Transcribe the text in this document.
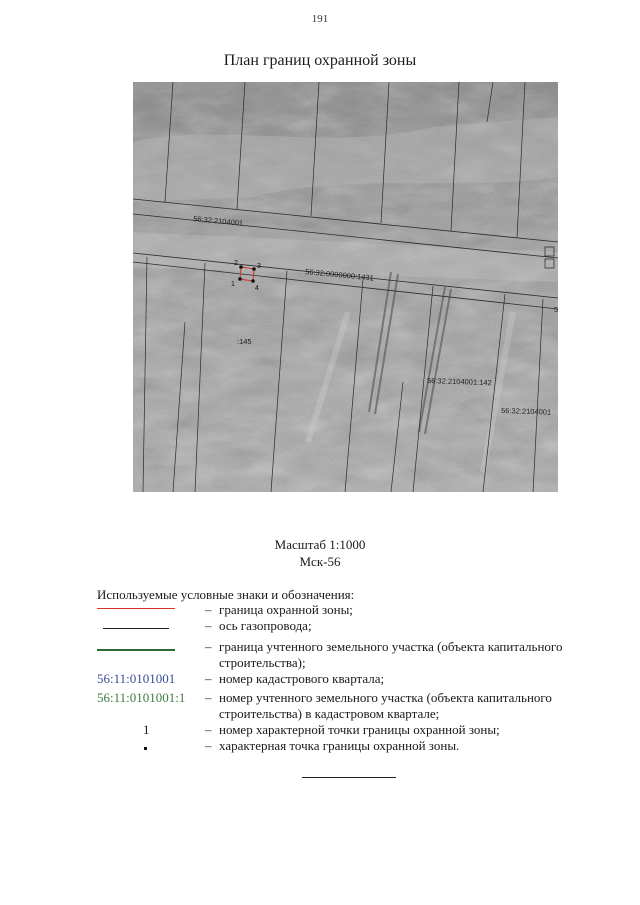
191
План границ охранной зоны
56:32:2104001
56:32:0000000:1431
:145
56:32:2104001:142
56:32:2104001
5
1
2	3
4
Масштаб 1:1000
Мск-56
Используемые условные знаки и обозначения:
– граница охранной зоны;
– ось газопровода;
– граница учтенного земельного участка (объекта капитального строительства);
56:11:0101001 – номер кадастрового квартала;
56:11:0101001:1 – номер учтенного земельного участка (объекта капитального строительства) в кадастровом квартале;
1	– номер характерной точки границы охранной зоны;
– характерная точка границы охранной зоны.
